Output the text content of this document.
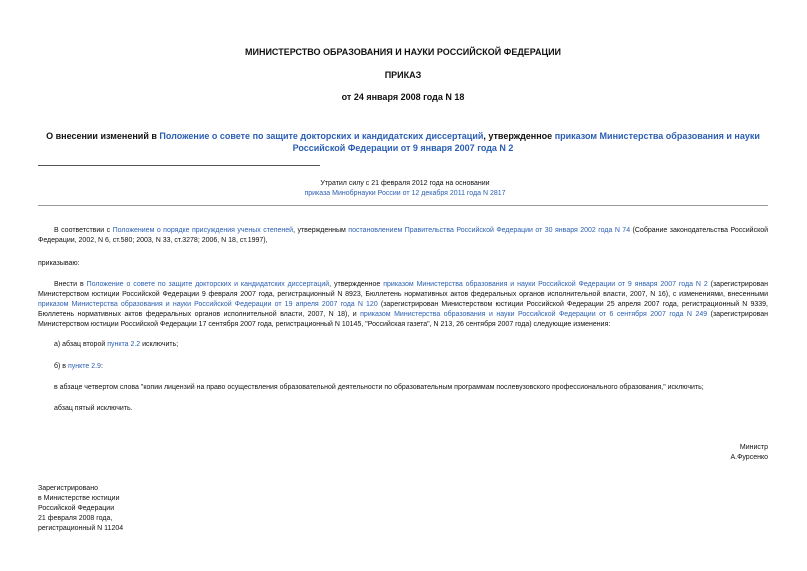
МИНИСТЕРСТВО ОБРАЗОВАНИЯ И НАУКИ РОССИЙСКОЙ ФЕДЕРАЦИИ
ПРИКАЗ
от 24 января 2008 года N 18
О внесении изменений в Положение о совете по защите докторских и кандидатских диссертаций, утвержденное приказом Министерства образования и науки Российской Федерации от 9 января 2007 года N 2
Утратил силу с 21 февраля 2012 года на основании
приказа Минобрнауки России от 12 декабря 2011 года N 2817
В соответствии с Положением о порядке присуждения ученых степеней, утвержденным постановлением Правительства Российской Федерации от 30 января 2002 года N 74 (Собрание законодательства Российской Федерации, 2002, N 6, ст.580; 2003, N 33, ст.3278; 2006, N 18, ст.1997),
приказываю:
Внести в Положение о совете по защите докторских и кандидатских диссертаций, утвержденное приказом Министерства образования и науки Российской Федерации от 9 января 2007 года N 2 (зарегистрирован Министерством юстиции Российской Федерации 9 февраля 2007 года, регистрационный N 8923, Бюллетень нормативных актов федеральных органов исполнительной власти, 2007, N 16), с изменениями, внесенными приказом Министерства образования и науки Российской Федерации от 19 апреля 2007 года N 120 (зарегистрирован Министерством юстиции Российской Федерации 25 апреля 2007 года, регистрационный N 9339, Бюллетень нормативных актов федеральных органов исполнительной власти, 2007, N 18), и приказом Министерства образования и науки Российской Федерации от 6 сентября 2007 года N 249 (зарегистрирован Министерством юстиции Российской Федерации 17 сентября 2007 года, регистрационный N 10145, "Российская газета", N 213, 26 сентября 2007 года) следующие изменения:
а) абзац второй пункта 2.2 исключить;
б) в пункте 2.9:
в абзаце четвертом слова "копии лицензий на право осуществления образовательной деятельности по образовательным программам послевузовского профессионального образования," исключить;
абзац пятый исключить.
Министр
А.Фурсенко
Зарегистрировано
в Министерстве юстиции
Российской Федерации
21 февраля 2008 года,
регистрационный N 11204
